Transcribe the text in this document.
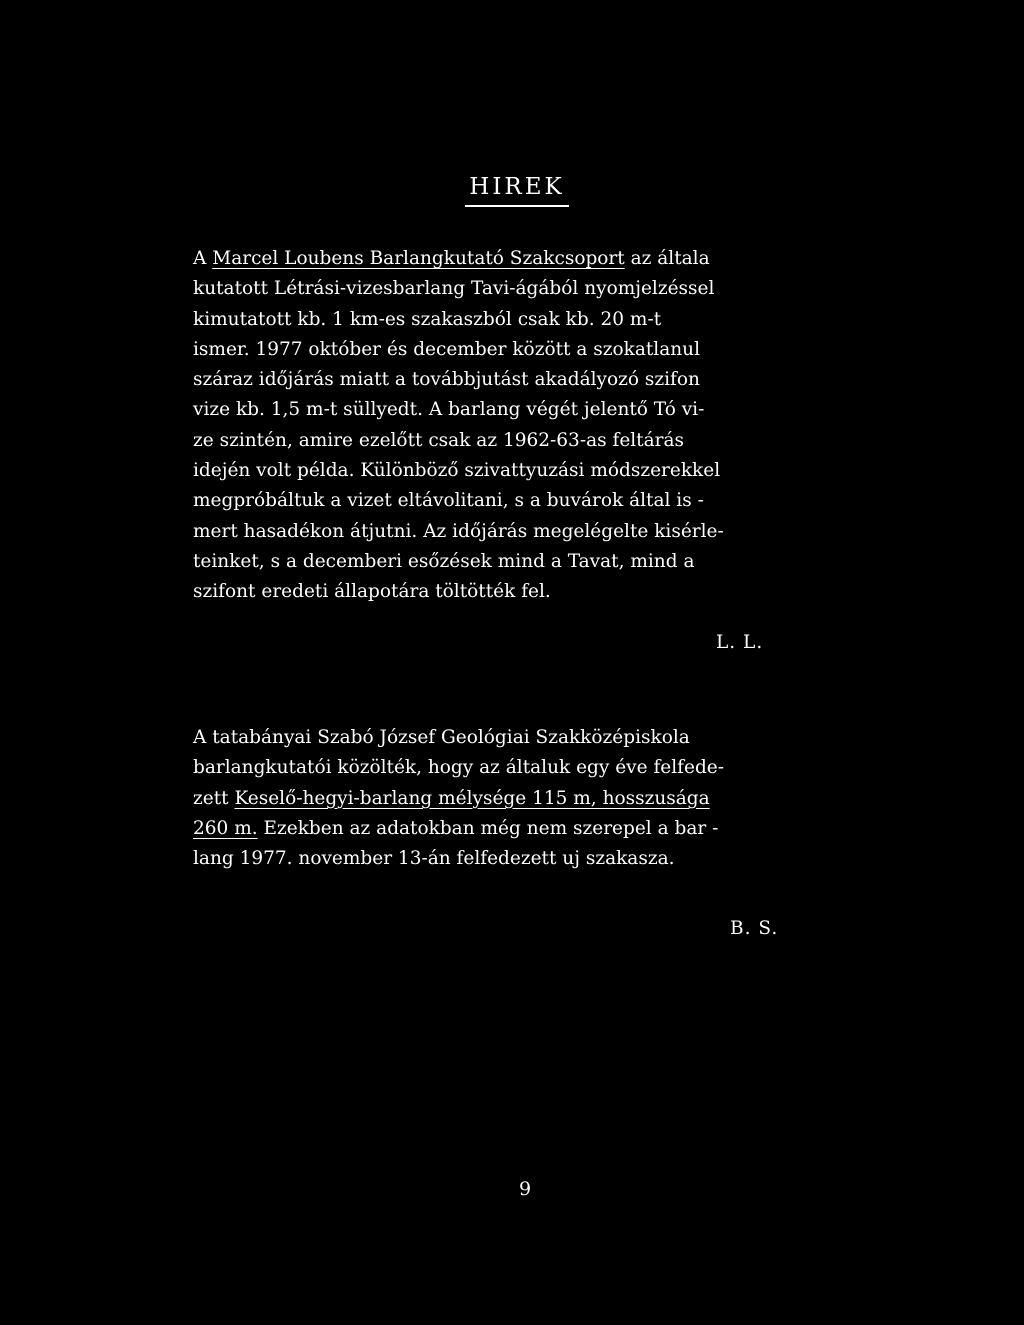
HIREK

A Marcel Loubens Barlangkutató Szakcsoport az általa
kutatott Létrási-vizesbarlang Tavi-ágából nyomjelzéssel
kimutatott kb. 1 km-es szakaszból csak kb. 20 m-t
ismer. 1977 október és december között a szokatlanul
száraz időjárás miatt a továbbjutást akadályozó szifon
vize kb. 1,5 m-t süllyedt. A barlang végét jelentő Tó vi-
ze szintén, amire ezelőtt csak az 1962-63-as feltárás
idején volt példa. Különböző szivattyuzási módszerekkel
megpróbáltuk a vizet eltávolitani, s a buvárok által is -
mert hasadékon átjutni. Az időjárás megelégelte kisérle-
teinket, s a decemberi esőzések mind a Tavat, mind a
szifont eredeti állapotára töltötték fel.

L. L.

A tatabányai Szabó József Geológiai Szakközépiskola
barlangkutatói közölték, hogy az általuk egy éve felfede-
zett Keselő-hegyi-barlang mélysége 115 m, hosszusága
260 m. Ezekben az adatokban még nem szerepel a bar -
lang 1977. november 13-án felfedezett uj szakasza.

B. S.
9
